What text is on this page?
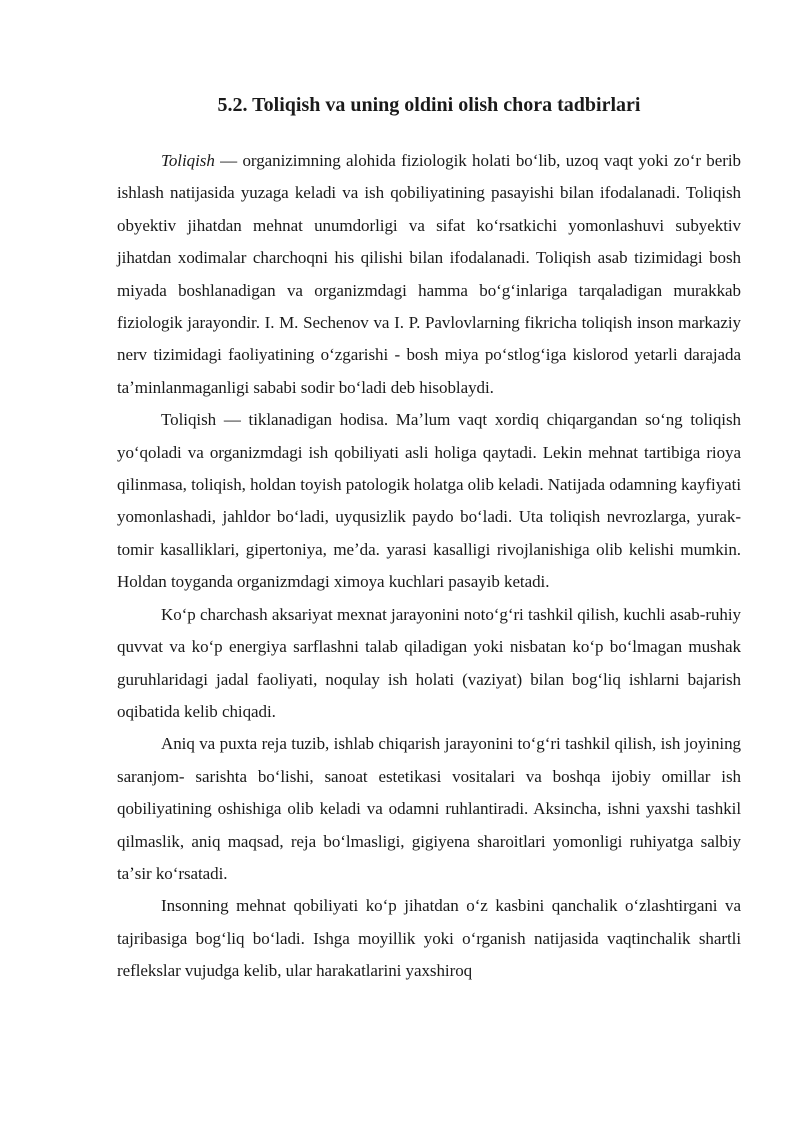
5.2. Toliqish va uning oldini olish chora tadbirlari

Toliqish — organizimning alohida fiziologik holati boʻlib, uzoq vaqt yoki zoʻr berib ishlash natijasida yuzaga keladi va ish qobiliyatining pasayishi bilan ifodalanadi. Toliqish obyektiv jihatdan mehnat unumdorligi va sifat koʻrsatkichi yomonlashuvi subyektiv jihatdan xodimalar charchoqni his qilishi bilan ifodalanadi. Toliqish asab tizimidagi bosh miyada boshlanadigan va organizmdagi hamma boʻgʻinlariga tarqaladigan murakkab fiziologik jarayondir. I. M. Sechenov va I. P. Pavlovlarning fikricha toliqish inson markaziy nerv tizimidagi faoliyatining oʻzgarishi - bosh miya poʻstlogʻiga kislorod yetarli darajada taʼminlanmaganligi sababi sodir boʻladi deb hisoblaydi.

Toliqish — tiklanadigan hodisa. Maʼlum vaqt xordiq chiqargandan soʻng toliqish yoʻqoladi va organizmdagi ish qobiliyati asli holiga qaytadi. Lekin mehnat tartibiga rioya qilinmasa, toliqish, holdan toyish patologik holatga olib keladi. Natijada odamning kayfiyati yomonlashadi, jahldor boʻladi, uyqusizlik paydo boʻladi. Uta toliqish nevrozlarga, yurak-tomir kasalliklari, gipertoniya, meʼda. yarasi kasalligi rivojlanishiga olib kelishi mumkin. Holdan toyganda organizmdagi ximoya kuchlari pasayib ketadi.

Koʻp charchash aksariyat mexnat jarayonini notoʻgʻri tashkil qilish, kuchli asab-ruhiy quvvat va koʻp energiya sarflashni talab qiladigan yoki nisbatan koʻp boʻlmagan mushak guruhlaridagi jadal faoliyati, noqulay ish holati (vaziyat) bilan bogʻliq ishlarni bajarish oqibatida kelib chiqadi.

Aniq va puxta reja tuzib, ishlab chiqarish jarayonini toʻgʻri tashkil qilish, ish joyining saranjom- sarishta boʻlishi, sanoat estetikasi vositalari va boshqa ijobiy omillar ish qobiliyatining oshishiga olib keladi va odamni ruhlantiradi. Aksincha, ishni yaxshi tashkil qilmaslik, aniq maqsad, reja boʻlmasligi, gigiyena sharoitlari yomonligi ruhiyatga salbiy taʼsir koʻrsatadi.

Insonning mehnat qobiliyati koʻp jihatdan oʻz kasbini qanchalik oʻzlashtirgani va tajribasiga bogʻliq boʻladi. Ishga moyillik yoki oʻrganish natijasida vaqtinchalik shartli reflekslar vujudga kelib, ular harakatlarini yaxshiroq
